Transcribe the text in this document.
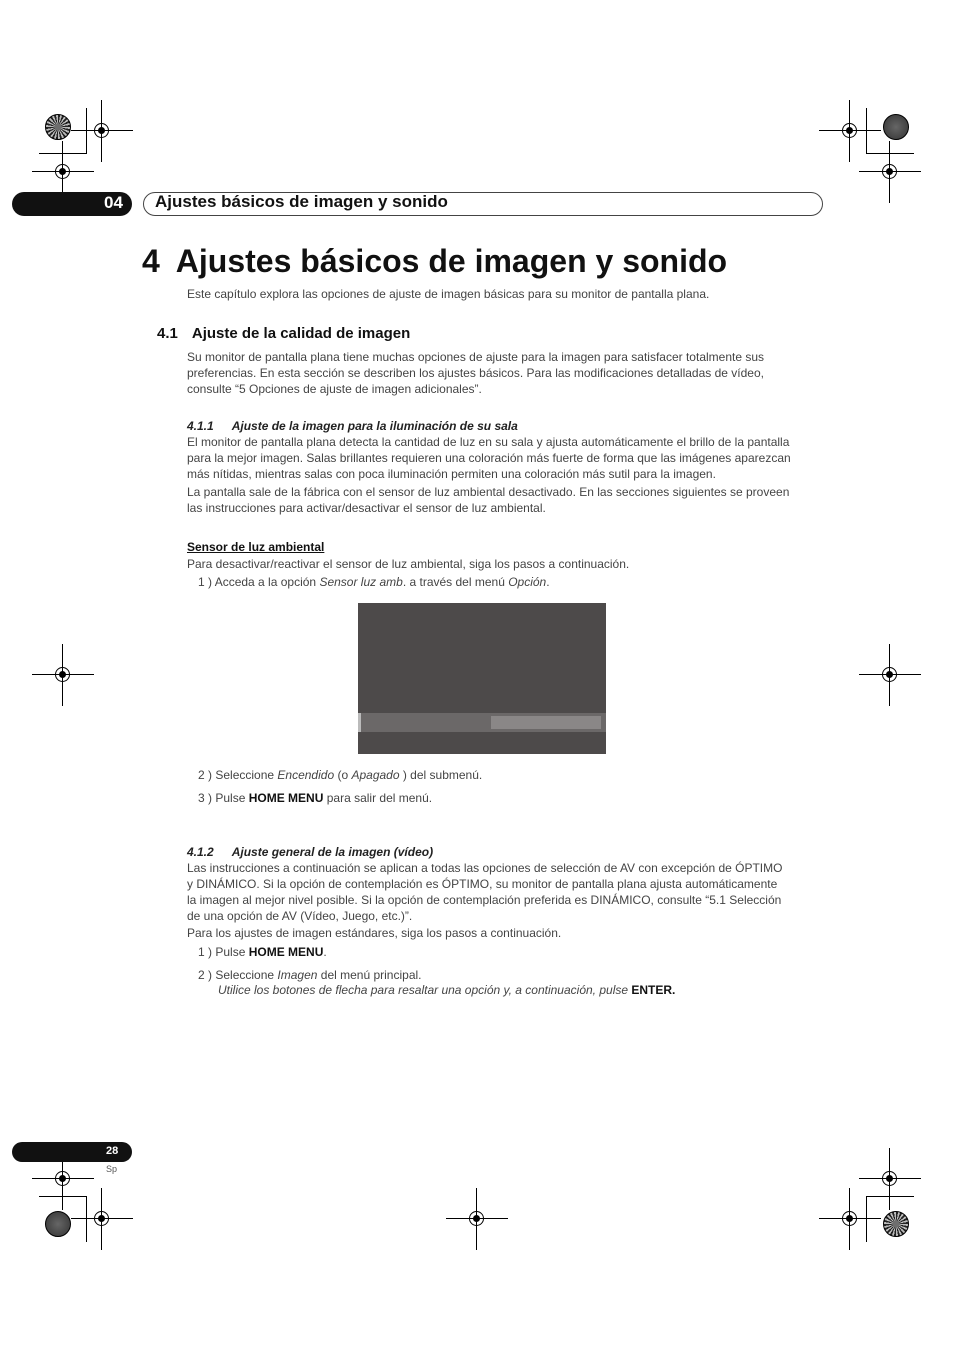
04 Ajustes básicos de imagen y sonido
4 Ajustes básicos de imagen y sonido
Este capítulo explora las opciones de ajuste de imagen básicas para su monitor de pantalla plana.
4.1 Ajuste de la calidad de imagen
Su monitor de pantalla plana tiene muchas opciones de ajuste para la imagen para satisfacer totalmente sus
preferencias. En esta sección se describen los ajustes básicos. Para las modificaciones detalladas de vídeo,
consulte “5 Opciones de ajuste de imagen adicionales”.
4.1.1 Ajuste de la imagen para la iluminación de su sala
El monitor de pantalla plana detecta la cantidad de luz en su sala y ajusta automáticamente el brillo de la pantalla
para la mejor imagen. Salas brillantes requieren una coloración más fuerte de forma que las imágenes aparezcan
más nítidas, mientras salas con poca iluminación permiten una coloración más sutil para la imagen.
La pantalla sale de la fábrica con el sensor de luz ambiental desactivado. En las secciones siguientes se proveen
las instrucciones para activar/desactivar el sensor de luz ambiental.
Sensor de luz ambiental
Para desactivar/reactivar el sensor de luz ambiental, siga los pasos a continuación.
1 ) Acceda a la opción Sensor luz amb. a través del menú Opción.
2 ) Seleccione Encendido (o Apagado ) del submenú.
3 ) Pulse HOME MENU para salir del menú.
4.1.2 Ajuste general de la imagen (vídeo)
Las instrucciones a continuación se aplican a todas las opciones de selección de AV con excepción de ÓPTIMO
y DINÁMICO. Si la opción de contemplación es ÓPTIMO, su monitor de pantalla plana ajusta automáticamente
la imagen al mejor nivel posible. Si la opción de contemplación preferida es DINÁMICO, consulte “5.1 Selección
de una opción de AV (Vídeo, Juego, etc.)”.
Para los ajustes de imagen estándares, siga los pasos a continuación.
1 ) Pulse HOME MENU.
2 ) Seleccione Imagen del menú principal.
Utilice los botones de flecha para resaltar una opción y, a continuación, pulse ENTER.
28
Sp
